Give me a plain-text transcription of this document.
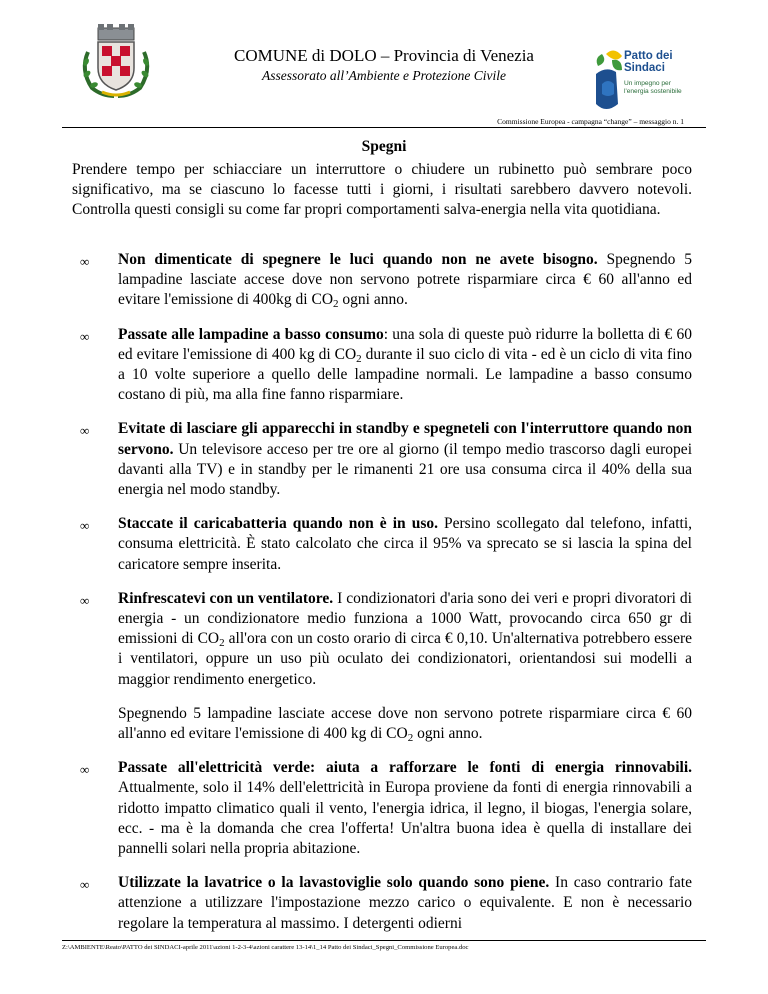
COMUNE di DOLO – Provincia di Venezia
Assessorato all’Ambiente e Protezione Civile
Patto dei
Sindaci
Un impegno per l'energia sostenibile
Commissione Europea - campagna “change” – messaggio n. 1
Spegni

Prendere tempo per schiacciare un interruttore o chiudere un rubinetto può sembrare poco significativo, ma se ciascuno lo facesse tutti i giorni, i risultati sarebbero davvero notevoli. Controlla questi consigli su come far propri comportamenti salva-energia nella vita quotidiana.

∞ Non dimenticate di spegnere le luci quando non ne avete bisogno. Spegnendo 5 lampadine lasciate accese dove non servono potrete risparmiare circa € 60 all'anno ed evitare l'emissione di 400kg di CO2 ogni anno.
∞ Passate alle lampadine a basso consumo: una sola di queste può ridurre la bolletta di € 60 ed evitare l'emissione di 400 kg di CO2 durante il suo ciclo di vita - ed è un ciclo di vita fino a 10 volte superiore a quello delle lampadine normali. Le lampadine a basso consumo costano di più, ma alla fine fanno risparmiare.
∞ Evitate di lasciare gli apparecchi in standby e spegneteli con l'interruttore quando non servono. Un televisore acceso per tre ore al giorno (il tempo medio trascorso dagli europei davanti alla TV) e in standby per le rimanenti 21 ore usa consuma circa il 40% della sua energia nel modo standby.
∞ Staccate il caricabatteria quando non è in uso. Persino scollegato dal telefono, infatti, consuma elettricità. È stato calcolato che circa il 95% va sprecato se si lascia la spina del caricatore sempre inserita.
∞ Rinfrescatevi con un ventilatore. I condizionatori d'aria sono dei veri e propri divoratori di energia - un condizionatore medio funziona a 1000 Watt, provocando circa 650 gr di emissioni di CO2 all'ora con un costo orario di circa € 0,10. Un'alternativa potrebbero essere i ventilatori, oppure un uso più oculato dei condizionatori, orientandosi sui modelli a maggior rendimento energetico.
Spegnendo 5 lampadine lasciate accese dove non servono potrete risparmiare circa € 60 all'anno ed evitare l'emissione di 400 kg di CO2 ogni anno.
∞ Passate all'elettricità verde: aiuta a rafforzare le fonti di energia rinnovabili. Attualmente, solo il 14% dell'elettricità in Europa proviene da fonti di energia rinnovabili a ridotto impatto climatico quali il vento, l'energia idrica, il legno, il biogas, l'energia solare, ecc. - ma è la domanda che crea l'offerta! Un'altra buona idea è quella di installare dei pannelli solari nella propria abitazione.
∞ Utilizzate la lavatrice o la lavastoviglie solo quando sono piene. In caso contrario fate attenzione a utilizzare l'impostazione mezzo carico o equivalente. E non è necessario regolare la temperatura al massimo. I detergenti odierni
Z:\AMBIENTE\Reato\PATTO dei SINDACI-aprile 2011\azioni 1-2-3-4\azioni carattere 13-14\1_14 Patto dei Sindaci_Spegni_Commissione Europea.doc
